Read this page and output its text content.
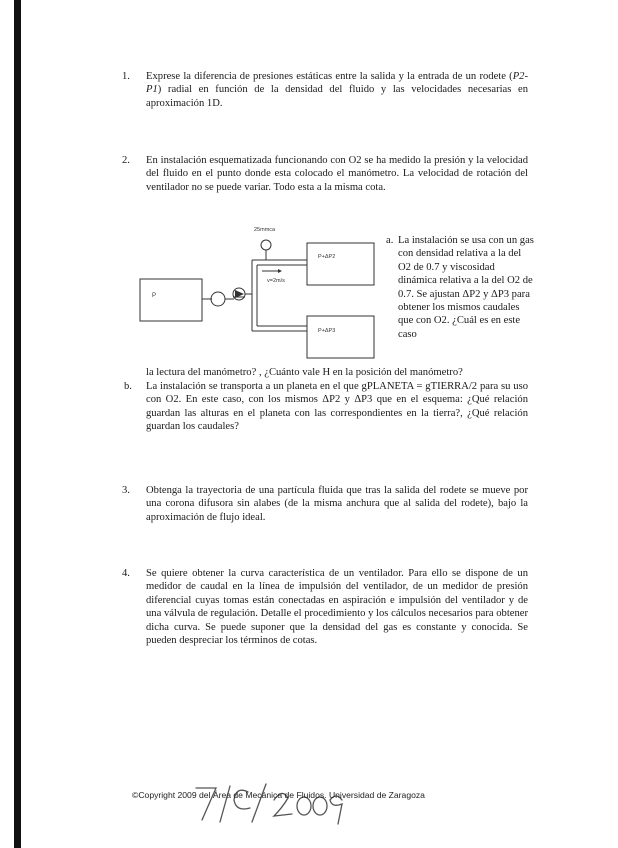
1. Exprese la diferencia de presiones estáticas entre la salida y la entrada de un rodete (P2-P1) radial en función de la densidad del fluido y las velocidades necesarias en aproximación 1D.
2. En instalación esquematizada funcionando con O2 se ha medido la presión y la velocidad del fluido en el punto donde esta colocado el manómetro. La velocidad de rotación del ventilador no se puede variar. Todo esta a la misma cota.
25mmca
v=2m/s
P
P+ΔP2
P+ΔP3
a. La instalación se usa con un gas con densidad relativa a la del O2 de 0.7 y viscosidad dinámica relativa a la del O2 de 0.7. Se ajustan ΔP2 y ΔP3 para obtener los mismos caudales que con O2. ¿Cuál es en este caso
la lectura del manómetro? , ¿Cuánto vale H en la posición del manómetro?
b. La instalación se transporta a un planeta en el que gPLANETA = gTIERRA/2 para su uso con O2. En este caso, con los mismos ΔP2 y ΔP3 que en el esquema: ¿Qué relación guardan las alturas en el planeta con las correspondientes en la tierra?, ¿Qué relación guardan los caudales?
3. Obtenga la trayectoria de una partícula fluida que tras la salida del rodete se mueve por una corona difusora sin alabes (de la misma anchura que al salida del rodete), bajo la aproximación de flujo ideal.
4. Se quiere obtener la curva característica de un ventilador. Para ello se dispone de un medidor de caudal en la línea de impulsión del ventilador, de un medidor de presión diferencial cuyas tomas están conectadas en aspiración e impulsión del ventilador y de una válvula de regulación. Detalle el procedimiento y los cálculos necesarios para obtener dicha curva. Se puede suponer que la densidad del gas es constante y conocida. Se pueden despreciar los términos de cotas.
©Copyright 2009 del Área de Mecánica de Fluidos. Universidad de Zaragoza
